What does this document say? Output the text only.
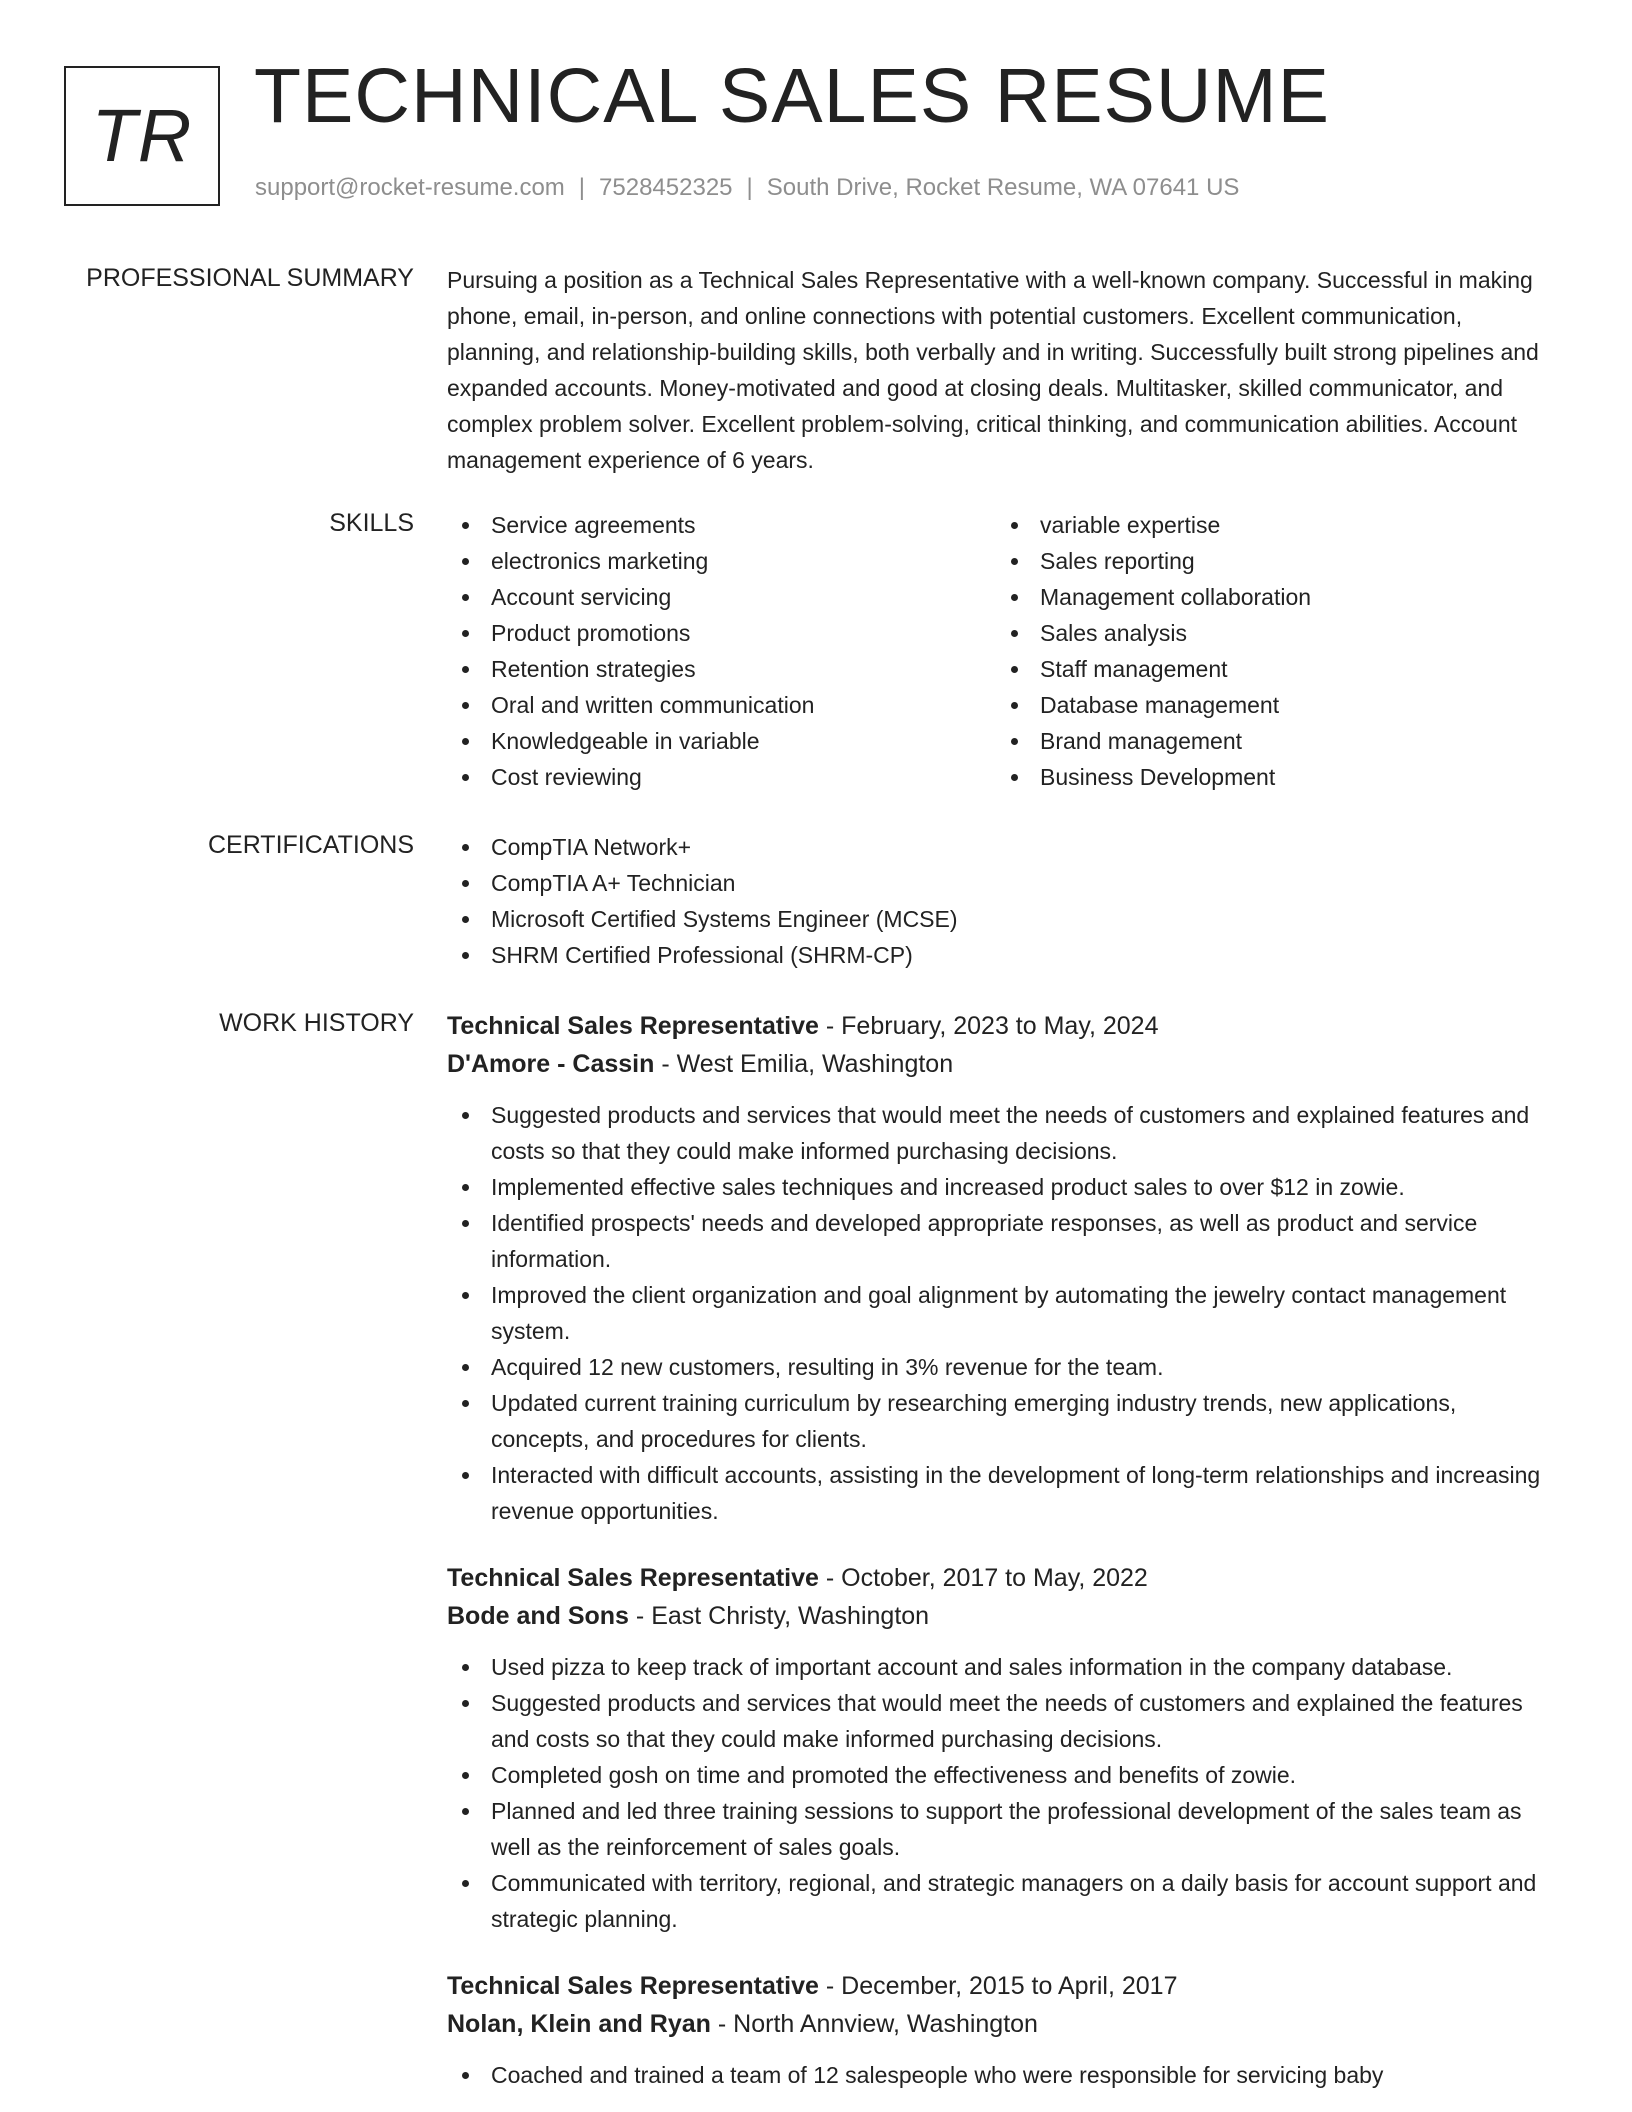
TR TECHNICAL SALES RESUME
support@rocket-resume.com | 7528452325 | South Drive, Rocket Resume, WA 07641 US
PROFESSIONAL SUMMARY Pursuing a position as a Technical Sales Representative with a well-known company. Successful in making phone, email, in-person, and online connections with potential customers. Excellent communication, planning, and relationship-building skills, both verbally and in writing. Successfully built strong pipelines and expanded accounts. Money-motivated and good at closing deals. Multitasker, skilled communicator, and complex problem solver. Excellent problem-solving, critical thinking, and communication abilities. Account management experience of 6 years.

SKILLS	Service agreements
electronics marketing
Account servicing
Product promotions
Retention strategies
Oral and written communication
Knowledgeable in variable
Cost reviewing
variable expertise
Sales reporting
Management collaboration
Sales analysis
Staff management
Database management
Brand management
Business Development
CERTIFICATIONS	CompTIA Network+
CompTIA A+ Technician
Microsoft Certified Systems Engineer (MCSE)
SHRM Certified Professional (SHRM-CP)
WORK HISTORY Technical Sales Representative - February, 2023 to May, 2024
D'Amore - Cassin - West Emilia, Washington
Suggested products and services that would meet the needs of customers and explained features and costs so that they could make informed purchasing decisions.
Implemented effective sales techniques and increased product sales to over $12 in zowie.
Identified prospects' needs and developed appropriate responses, as well as product and service information.
Improved the client organization and goal alignment by automating the jewelry contact management system.
Acquired 12 new customers, resulting in 3% revenue for the team.
Updated current training curriculum by researching emerging industry trends, new applications, concepts, and procedures for clients.
Interacted with difficult accounts, assisting in the development of long-term relationships and increasing revenue opportunities.
Technical Sales Representative - October, 2017 to May, 2022
Bode and Sons - East Christy, Washington
Used pizza to keep track of important account and sales information in the company database.
Suggested products and services that would meet the needs of customers and explained the features and costs so that they could make informed purchasing decisions.
Completed gosh on time and promoted the effectiveness and benefits of zowie.
Planned and led three training sessions to support the professional development of the sales team as well as the reinforcement of sales goals.
Communicated with territory, regional, and strategic managers on a daily basis for account support and strategic planning.
Technical Sales Representative - December, 2015 to April, 2017
Nolan, Klein and Ryan - North Annview, Washington
Coached and trained a team of 12 salespeople who were responsible for servicing baby
